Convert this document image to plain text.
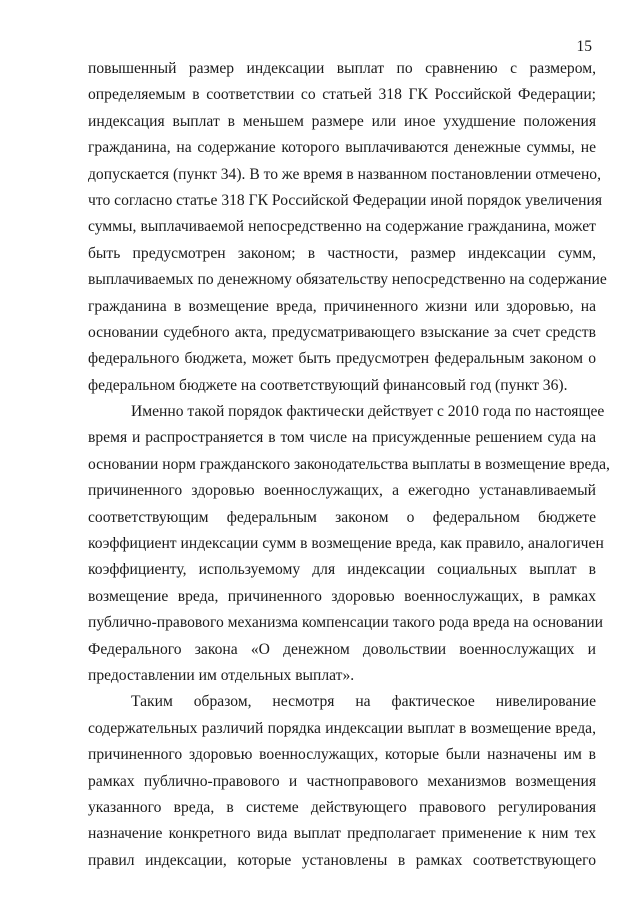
15
повышенный размер индексации выплат по сравнению с размером,
определяемым в соответствии со статьей 318 ГК Российской Федерации;
индексация выплат в меньшем размере или иное ухудшение положения
гражданина, на содержание которого выплачиваются денежные суммы, не
допускается (пункт 34). В то же время в названном постановлении отмечено,
что согласно статье 318 ГК Российской Федерации иной порядок увеличения
суммы, выплачиваемой непосредственно на содержание гражданина, может
быть предусмотрен законом; в частности, размер индексации сумм,
выплачиваемых по денежному обязательству непосредственно на содержание
гражданина в возмещение вреда, причиненного жизни или здоровью, на
основании судебного акта, предусматривающего взыскание за счет средств
федерального бюджета, может быть предусмотрен федеральным законом о
федеральном бюджете на соответствующий финансовый год (пункт 36).
Именно такой порядок фактически действует с 2010 года по настоящее
время и распространяется в том числе на присужденные решением суда на
основании норм гражданского законодательства выплаты в возмещение вреда,
причиненного здоровью военнослужащих, а ежегодно устанавливаемый
соответствующим федеральным законом о федеральном бюджете
коэффициент индексации сумм в возмещение вреда, как правило, аналогичен
коэффициенту, используемому для индексации социальных выплат в
возмещение вреда, причиненного здоровью военнослужащих, в рамках
публично-правового механизма компенсации такого рода вреда на основании
Федерального закона «О денежном довольствии военнослужащих и
предоставлении им отдельных выплат».
Таким образом, несмотря на фактическое нивелирование
содержательных различий порядка индексации выплат в возмещение вреда,
причиненного здоровью военнослужащих, которые были назначены им в
рамках публично-правового и частноправового механизмов возмещения
указанного вреда, в системе действующего правового регулирования
назначение конкретного вида выплат предполагает применение к ним тех
правил индексации, которые установлены в рамках соответствующего
